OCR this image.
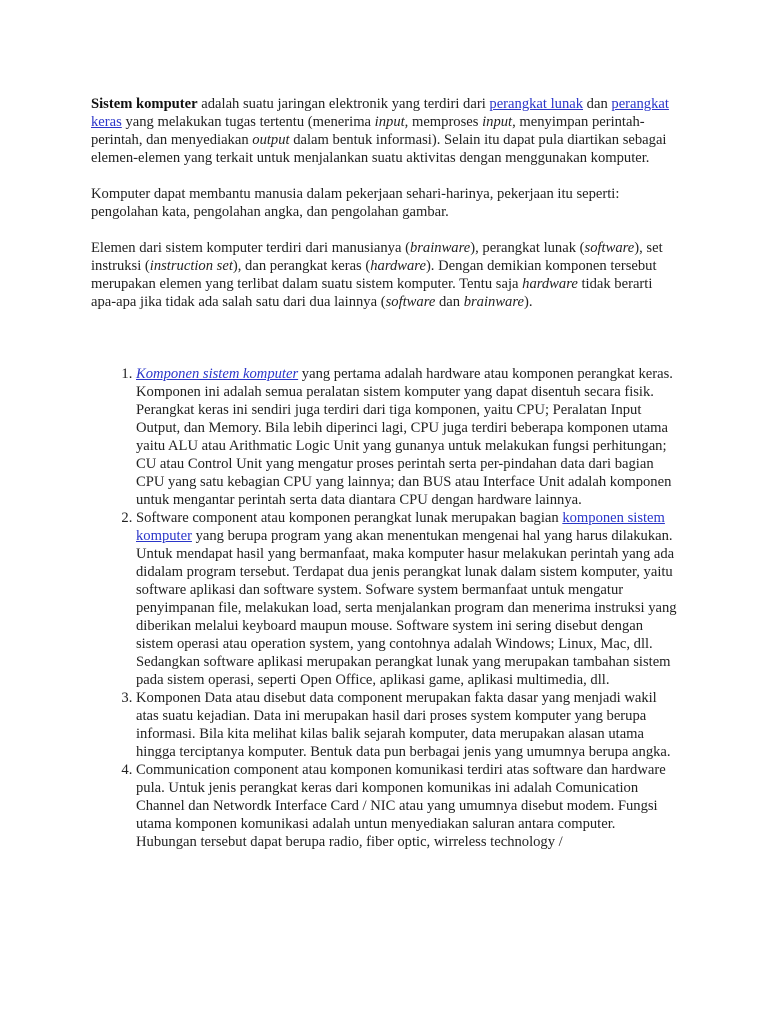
Sistem komputer adalah suatu jaringan elektronik yang terdiri dari perangkat lunak dan perangkat keras yang melakukan tugas tertentu (menerima input, memproses input, menyimpan perintah-perintah, dan menyediakan output dalam bentuk informasi). Selain itu dapat pula diartikan sebagai elemen-elemen yang terkait untuk menjalankan suatu aktivitas dengan menggunakan komputer.

Komputer dapat membantu manusia dalam pekerjaan sehari-harinya, pekerjaan itu seperti: pengolahan kata, pengolahan angka, dan pengolahan gambar.

Elemen dari sistem komputer terdiri dari manusianya (brainware), perangkat lunak (software), set instruksi (instruction set), dan perangkat keras (hardware). Dengan demikian komponen tersebut merupakan elemen yang terlibat dalam suatu sistem komputer. Tentu saja hardware tidak berarti apa-apa jika tidak ada salah satu dari dua lainnya (software dan brainware).

1. Komponen sistem komputer yang pertama adalah hardware atau komponen perangkat keras. Komponen ini adalah semua peralatan sistem komputer yang dapat disentuh secara fisik. Perangkat keras ini sendiri juga terdiri dari tiga komponen, yaitu CPU; Peralatan Input Output, dan Memory. Bila lebih diperinci lagi, CPU juga terdiri beberapa komponen utama yaitu ALU atau Arithmatic Logic Unit yang gunanya untuk melakukan fungsi perhitungan; CU atau Control Unit yang mengatur proses perintah serta per-pindahan data dari bagian CPU yang satu kebagian CPU yang lainnya; dan BUS atau Interface Unit adalah komponen untuk mengantar perintah serta data diantara CPU dengan hardware lainnya.
2. Software component atau komponen perangkat lunak merupakan bagian komponen sistem komputer yang berupa program yang akan menentukan mengenai hal yang harus dilakukan. Untuk mendapat hasil yang bermanfaat, maka komputer hasur melakukan perintah yang ada didalam program tersebut. Terdapat dua jenis perangkat lunak dalam sistem komputer, yaitu software aplikasi dan software system. Sofware system bermanfaat untuk mengatur penyimpanan file, melakukan load, serta menjalankan program dan menerima instruksi yang diberikan melalui keyboard maupun mouse. Software system ini sering disebut dengan sistem operasi atau operation system, yang contohnya adalah Windows; Linux, Mac, dll. Sedangkan software aplikasi merupakan perangkat lunak yang merupakan tambahan sistem pada sistem operasi, seperti Open Office, aplikasi game, aplikasi multimedia, dll.
3. Komponen Data atau disebut data component merupakan fakta dasar yang menjadi wakil atas suatu kejadian. Data ini merupakan hasil dari proses system komputer yang berupa informasi. Bila kita melihat kilas balik sejarah komputer, data merupakan alasan utama hingga terciptanya komputer. Bentuk data pun berbagai jenis yang umumnya berupa angka.
4. Communication component atau komponen komunikasi terdiri atas software dan hardware pula. Untuk jenis perangkat keras dari komponen komunikas ini adalah Comunication Channel dan Networdk Interface Card / NIC atau yang umumnya disebut modem. Fungsi utama komponen komunikasi adalah untun menyediakan saluran antara computer. Hubungan tersebut dapat berupa radio, fiber optic, wirreless technology /
